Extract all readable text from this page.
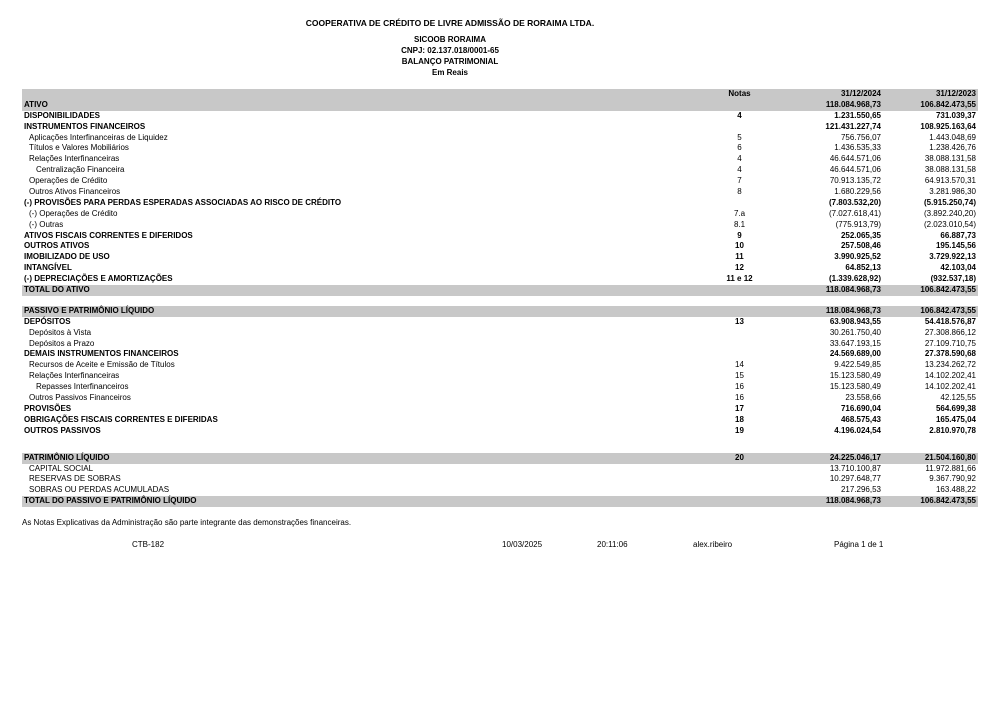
COOPERATIVA DE CRÉDITO DE LIVRE ADMISSÃO DE RORAIMA LTDA.
SICOOB RORAIMA
CNPJ: 02.137.018/0001-65
BALANÇO PATRIMONIAL
Em Reais
Notas	31/12/2024	31/12/2023
ATIVO	118.084.968,73	106.842.473,55
DISPONIBILIDADES	4	1.231.550,65	731.039,37
INSTRUMENTOS FINANCEIROS	121.431.227,74	108.925.163,64
Aplicações Interfinanceiras de Liquidez	5	756.756,07	1.443.048,69
Títulos e Valores Mobiliários	6	1.436.535,33	1.238.426,76
Relações Interfinanceiras	4	46.644.571,06	38.088.131,58
Centralização Financeira	4	46.644.571,06	38.088.131,58
Operações de Crédito	7	70.913.135,72	64.913.570,31
Outros Ativos Financeiros	8	1.680.229,56	3.281.986,30
(-) PROVISÕES PARA PERDAS ESPERADAS ASSOCIADAS AO RISCO DE CRÉDITO	(7.803.532,20)	(5.915.250,74)
(-) Operações de Crédito	7.a	(7.027.618,41)	(3.892.240,20)
(-) Outras	8.1	(775.913,79)	(2.023.010,54)
ATIVOS FISCAIS CORRENTES E DIFERIDOS	9	252.065,35	66.887,73
OUTROS ATIVOS	10	257.508,46	195.145,56
IMOBILIZADO DE USO	11	3.990.925,52	3.729.922,13
INTANGÍVEL	12	64.852,13	42.103,04
(-) DEPRECIAÇÕES E AMORTIZAÇÕES	11 e 12	(1.339.628,92)	(932.537,18)
TOTAL DO ATIVO	118.084.968,73	106.842.473,55
PASSIVO E PATRIMÔNIO LÍQUIDO	118.084.968,73	106.842.473,55
DEPÓSITOS	13	63.908.943,55	54.418.576,87
Depósitos à Vista	30.261.750,40	27.308.866,12
Depósitos a Prazo	33.647.193,15	27.109.710,75
DEMAIS INSTRUMENTOS FINANCEIROS	24.569.689,00	27.378.590,68
Recursos de Aceite e Emissão de Títulos	14	9.422.549,85	13.234.262,72
Relações Interfinanceiras	15	15.123.580,49	14.102.202,41
Repasses Interfinanceiros	16	15.123.580,49	14.102.202,41
Outros Passivos Financeiros	16	23.558,66	42.125,55
PROVISÕES	17	716.690,04	564.699,38
OBRIGAÇÕES FISCAIS CORRENTES E DIFERIDAS	18	468.575,43	165.475,04
OUTROS PASSIVOS	19	4.196.024,54	2.810.970,78
PATRIMÔNIO LÍQUIDO	20	24.225.046,17	21.504.160,80
CAPITAL SOCIAL	13.710.100,87	11.972.881,66
RESERVAS DE SOBRAS	10.297.648,77	9.367.790,92
SOBRAS OU PERDAS ACUMULADAS	217.296,53	163.488,22
TOTAL DO PASSIVO E PATRIMÔNIO LÍQUIDO	118.084.968,73	106.842.473,55
As Notas Explicativas da Administração são parte integrante das demonstrações financeiras.
CTB-182	10/03/2025	20:11:06	alex.ribeiro	Página 1 de 1
